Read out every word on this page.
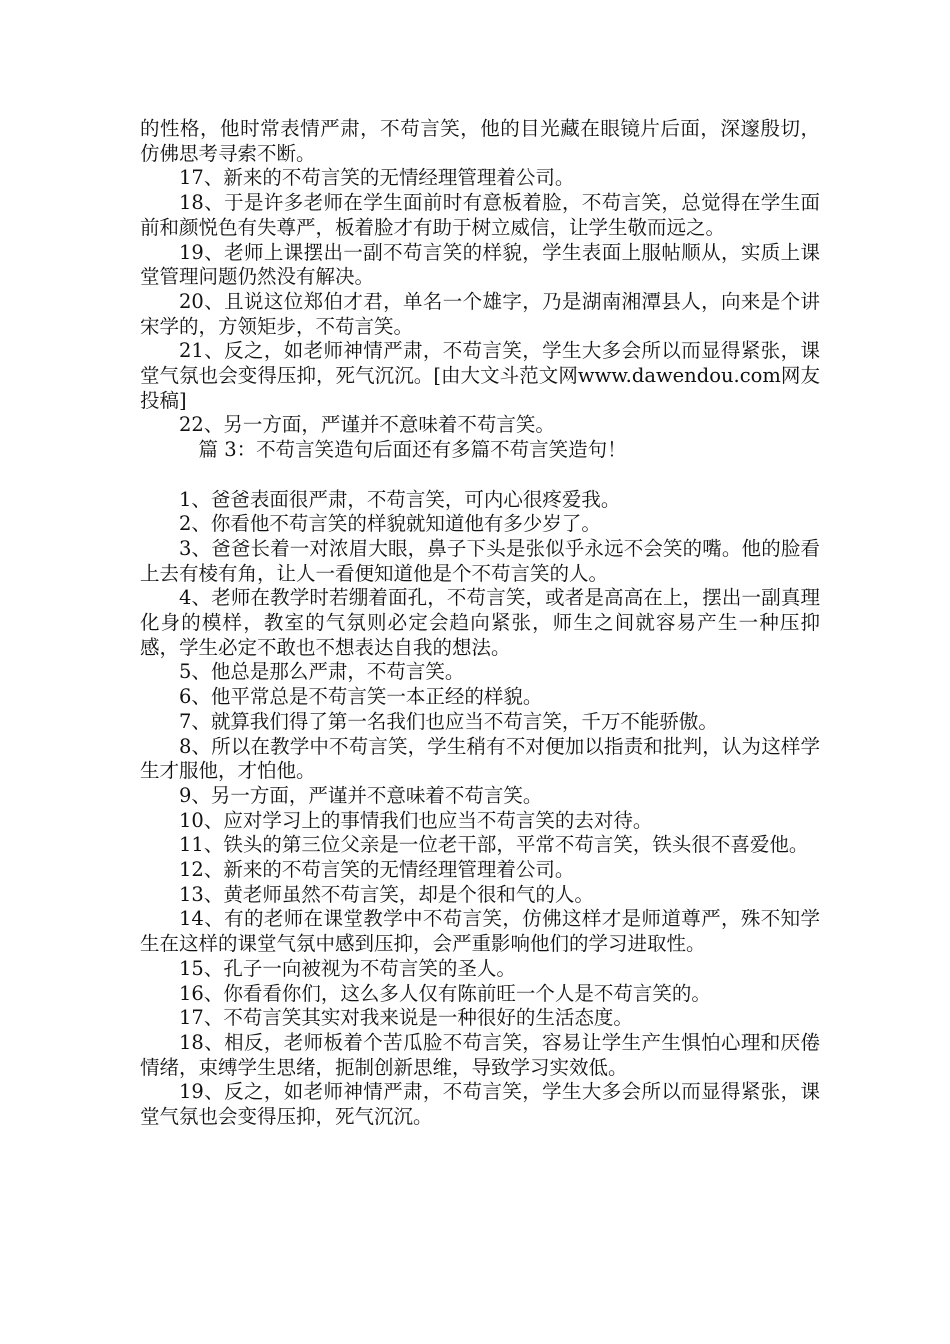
的性格，他时常表情严肃，不苟言笑，他的目光藏在眼镜片后面，深邃殷切，仿佛思考寻索不断。

17、新来的不苟言笑的无情经理管理着公司。

18、于是许多老师在学生面前时有意板着脸，不苟言笑，总觉得在学生面前和颜悦色有失尊严，板着脸才有助于树立威信，让学生敬而远之。

19、老师上课摆出一副不苟言笑的样貌，学生表面上服帖顺从，实质上课堂管理问题仍然没有解决。

20、且说这位郑伯才君，单名一个雄字，乃是湖南湘潭县人，向来是个讲宋学的，方领矩步，不苟言笑。

21、反之，如老师神情严肃，不苟言笑，学生大多会所以而显得紧张，课堂气氛也会变得压抑，死气沉沉。[由大文斗范文网www.dawendou.com网友投稿]

22、另一方面，严谨并不意味着不苟言笑。

篇 3：不苟言笑造句后面还有多篇不苟言笑造句！

1、爸爸表面很严肃，不苟言笑，可内心很疼爱我。

2、你看他不苟言笑的样貌就知道他有多少岁了。

3、爸爸长着一对浓眉大眼，鼻子下头是张似乎永远不会笑的嘴。他的脸看上去有棱有角，让人一看便知道他是个不苟言笑的人。

4、老师在教学时若绷着面孔，不苟言笑，或者是高高在上，摆出一副真理化身的模样，教室的气氛则必定会趋向紧张，师生之间就容易产生一种压抑感，学生必定不敢也不想表达自我的想法。

5、他总是那么严肃，不苟言笑。

6、他平常总是不苟言笑一本正经的样貌。

7、就算我们得了第一名我们也应当不苟言笑，千万不能骄傲。

8、所以在教学中不苟言笑，学生稍有不对便加以指责和批判，认为这样学生才服他，才怕他。

9、另一方面，严谨并不意味着不苟言笑。

10、应对学习上的事情我们也应当不苟言笑的去对待。

11、铁头的第三位父亲是一位老干部，平常不苟言笑，铁头很不喜爱他。

12、新来的不苟言笑的无情经理管理着公司。

13、黄老师虽然不苟言笑，却是个很和气的人。

14、有的老师在课堂教学中不苟言笑，仿佛这样才是师道尊严，殊不知学生在这样的课堂气氛中感到压抑，会严重影响他们的学习进取性。

15、孔子一向被视为不苟言笑的圣人。

16、你看看你们，这么多人仅有陈前旺一个人是不苟言笑的。

17、不苟言笑其实对我来说是一种很好的生活态度。

18、相反，老师板着个苦瓜脸不苟言笑，容易让学生产生惧怕心理和厌倦情绪，束缚学生思绪，扼制创新思维，导致学习实效低。

19、反之，如老师神情严肃，不苟言笑，学生大多会所以而显得紧张，课堂气氛也会变得压抑，死气沉沉。
